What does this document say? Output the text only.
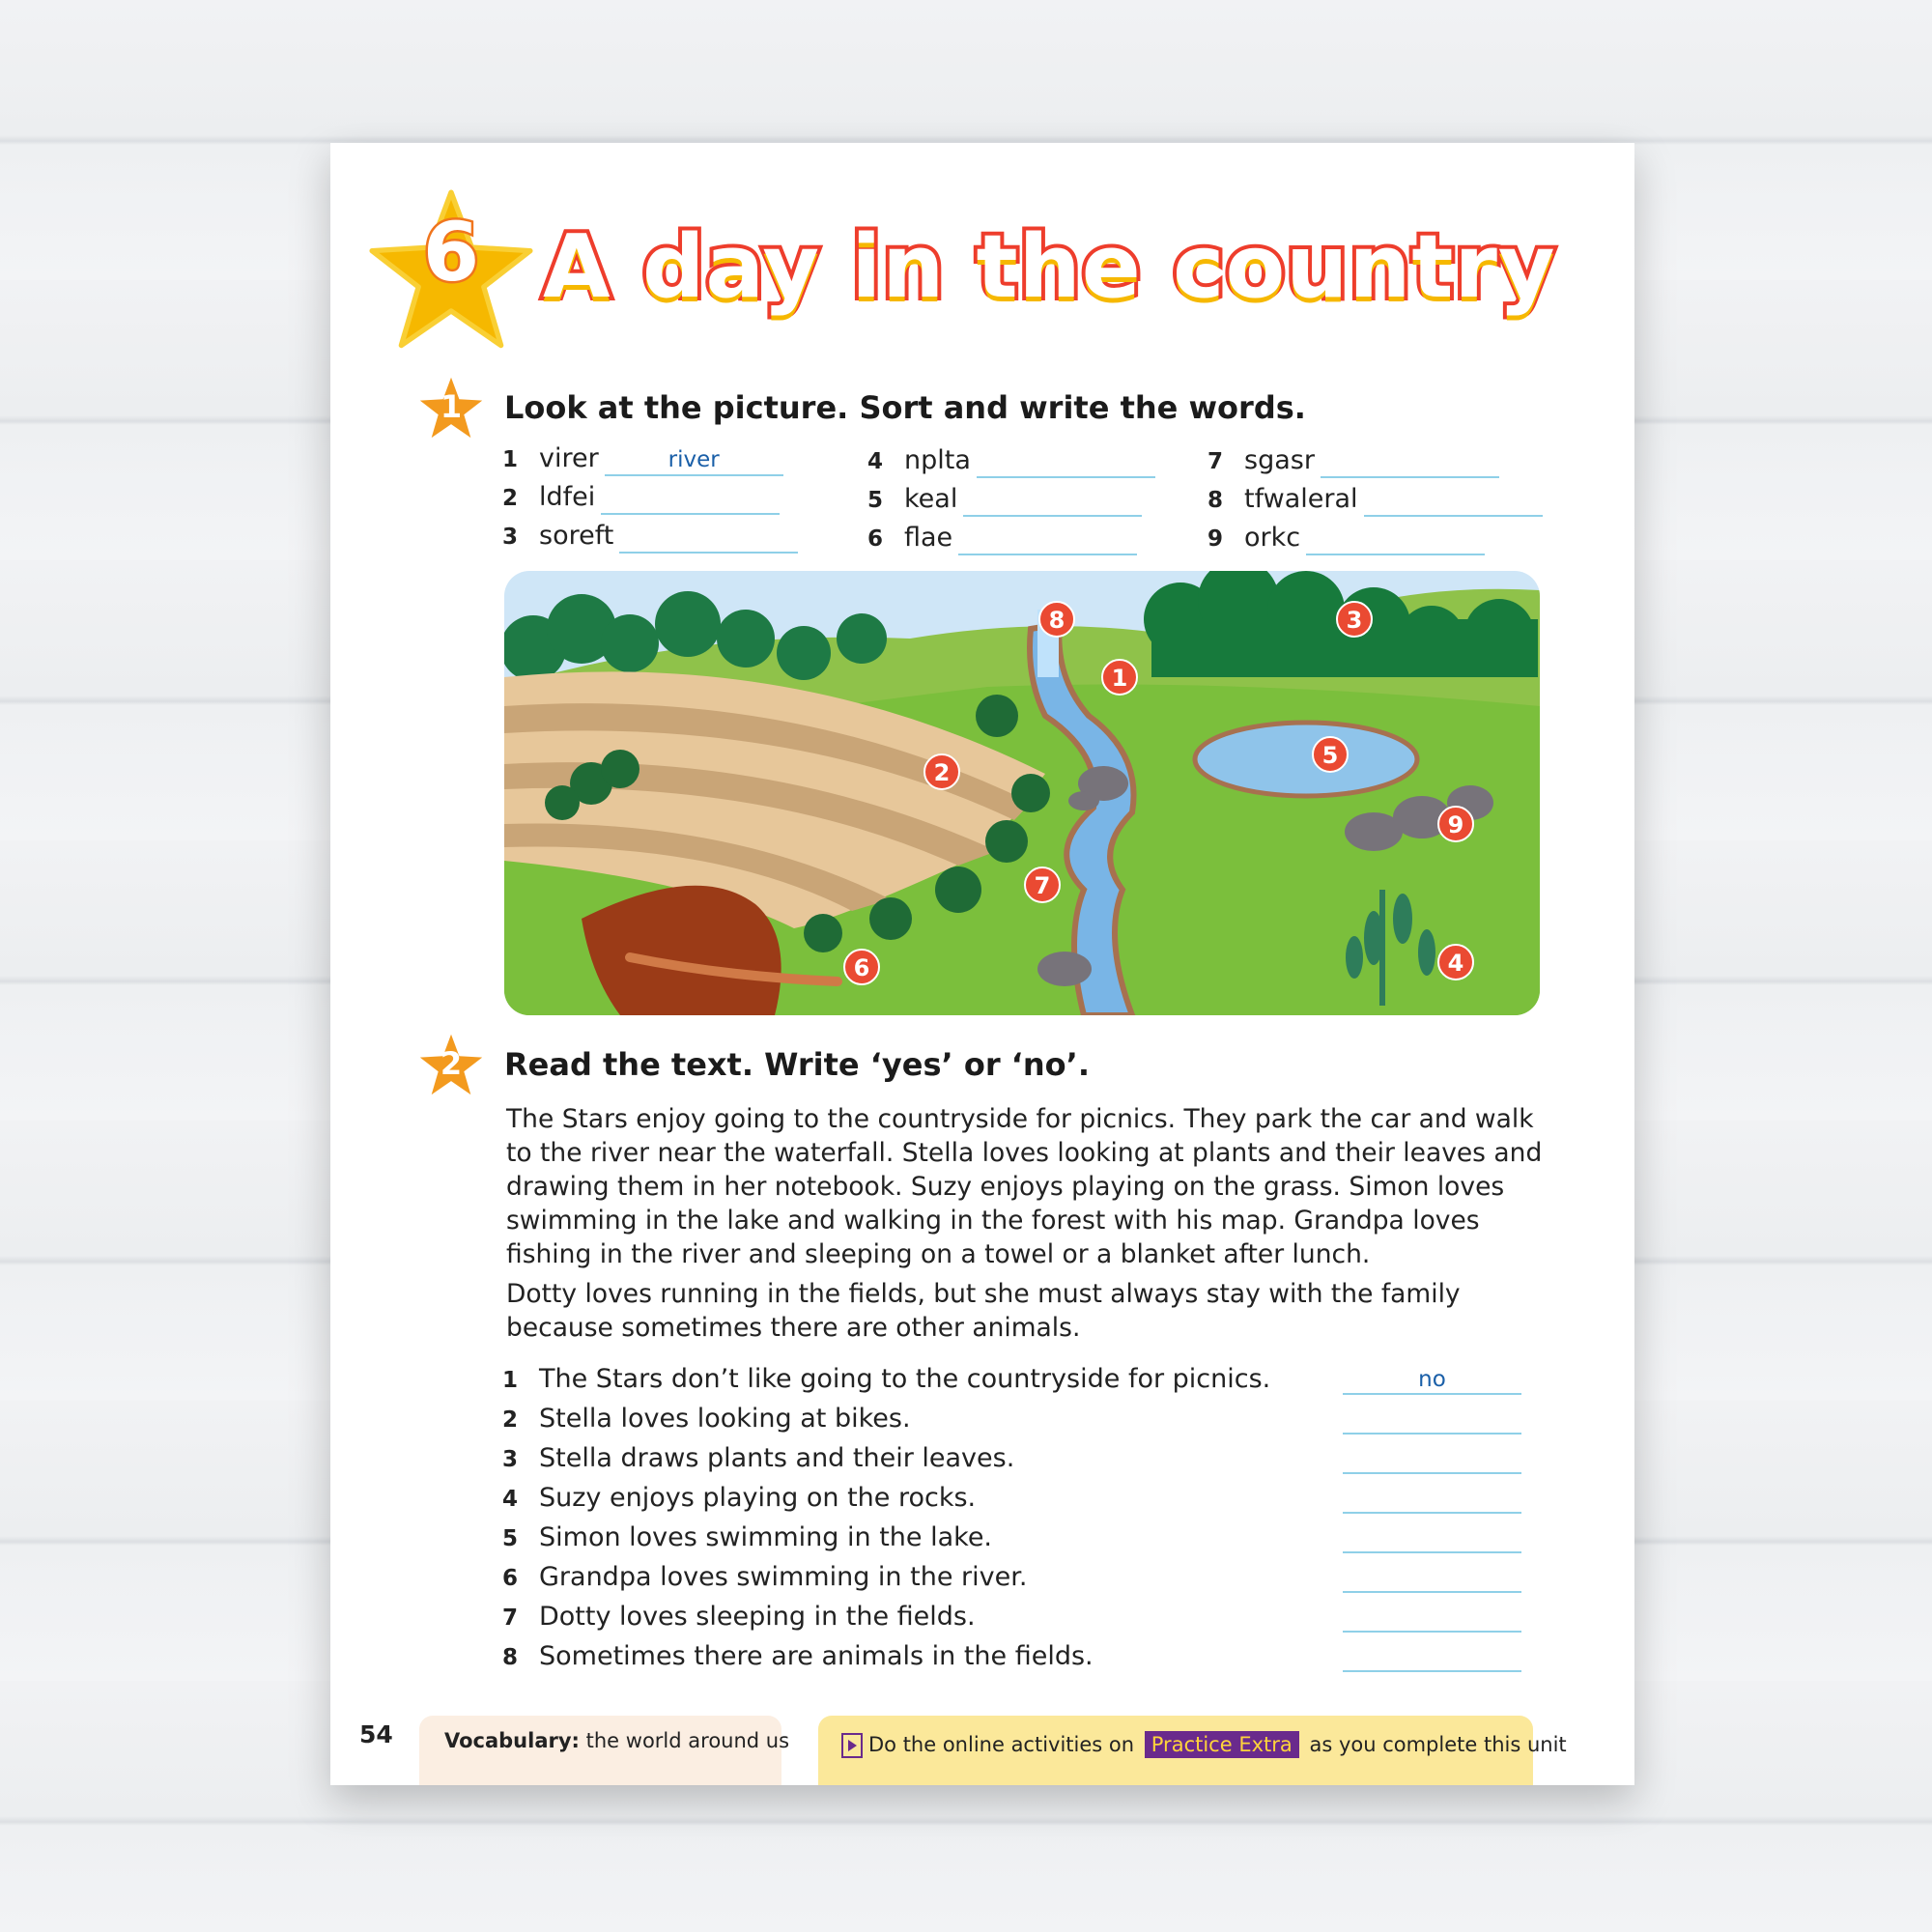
6 A day in the country
1	Look at the picture. Sort and write the words.
1 virer	river
2 ldfei
3 soreft
4 nplta
5 keal
6 flae
7 sgasr
8 tfwaleral
9 orkc
1
2
3
4
5
6
7
8
9
2	Read the text. Write ‘yes’ or ‘no’.

The Stars enjoy going to the countryside for picnics. They park the car and walk to the river near the waterfall. Stella loves looking at plants and their leaves and drawing them in her notebook. Suzy enjoys playing on the grass. Simon loves swimming in the lake and walking in the forest with his map. Grandpa loves fishing in the river and sleeping on a towel or a blanket after lunch.

Dotty loves running in the fields, but she must always stay with the family because sometimes there are other animals.

1 The Stars don’t like going to the countryside for picnics.	no
2 Stella loves looking at bikes.
3 Stella draws plants and their leaves.
4 Suzy enjoys playing on the rocks.
5 Simon loves swimming in the lake.
6 Grandpa loves swimming in the river.
7 Dotty loves sleeping in the fields.
8 Sometimes there are animals in the fields.
54	Vocabulary: the world around us	Do the online activities on Practice Extra as you complete this unit
